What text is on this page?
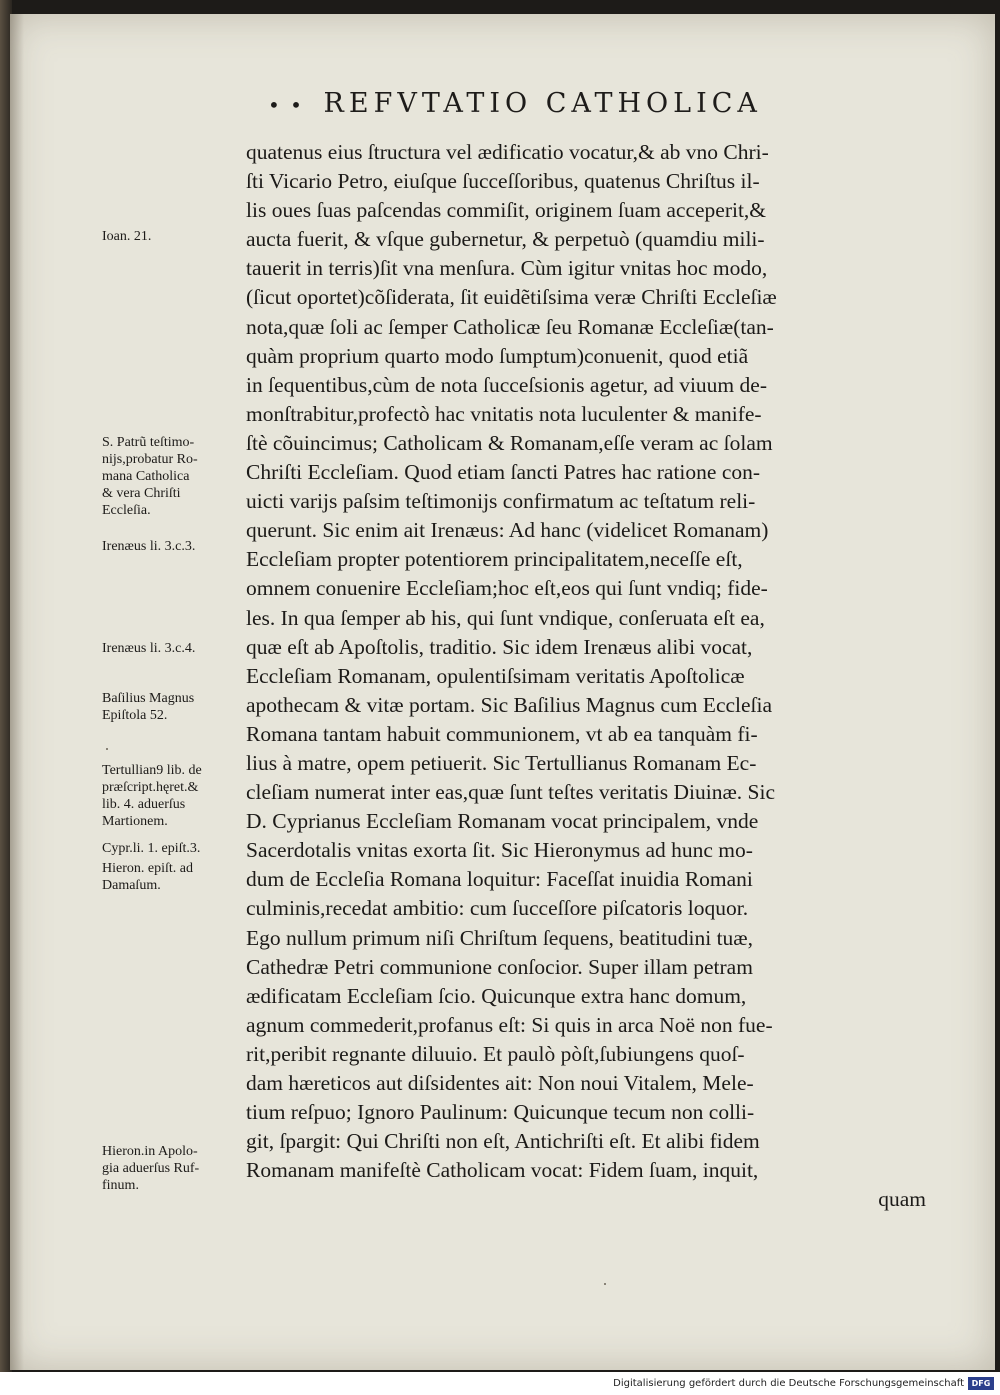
• • REFVTATIO CATHOLICA
quatenus eius ſtructura vel ædificatio vocatur,& ab vno Chri-
ſti Vicario Petro, eiuſque ſucceſſoribus, quatenus Chriſtus il-
lis oues ſuas paſcendas commiſit, originem ſuam acceperit,&
aucta fuerit, & vſque gubernetur, & perpetuò (quamdiu mili-
tauerit in terris)ſit vna menſura. Cùm igitur vnitas hoc modo,
(ſicut oportet)cõſiderata, ſit euidẽtiſsima veræ Chriſti Eccleſiæ
nota,quæ ſoli ac ſemper Catholicæ ſeu Romanæ Eccleſiæ(tan-
quàm proprium quarto modo ſumptum)conuenit, quod etiã
in ſequentibus,cùm de nota ſucceſsionis agetur, ad viuum de-
monſtrabitur,profectò hac vnitatis nota luculenter & manife-
ſtè cõuincimus; Catholicam & Romanam,eſſe veram ac ſolam
Chriſti Eccleſiam. Quod etiam ſancti Patres hac ratione con-
uicti varijs paſsim teſtimonijs confirmatum ac teſtatum reli-
querunt. Sic enim ait Irenæus: Ad hanc (videlicet Romanam)
Eccleſiam propter potentiorem principalitatem,neceſſe eſt,
omnem conuenire Eccleſiam;hoc eſt,eos qui ſunt vndiq; fide-
les. In qua ſemper ab his, qui ſunt vndique, conſeruata eſt ea,
quæ eſt ab Apoſtolis, traditio. Sic idem Irenæus alibi vocat,
Eccleſiam Romanam, opulentiſsimam veritatis Apoſtolicæ
apothecam & vitæ portam. Sic Baſilius Magnus cum Eccleſia
Romana tantam habuit communionem, vt ab ea tanquàm fi-
lius à matre, opem petiuerit. Sic Tertullianus Romanam Ec-
cleſiam numerat inter eas,quæ ſunt teſtes veritatis Diuinæ. Sic
D. Cyprianus Eccleſiam Romanam vocat principalem, vnde
Sacerdotalis vnitas exorta ſit. Sic Hieronymus ad hunc mo-
dum de Eccleſia Romana loquitur: Faceſſat inuidia Romani
culminis,recedat ambitio: cum ſucceſſore piſcatoris loquor.
Ego nullum primum niſi Chriſtum ſequens, beatitudini tuæ,
Cathedræ Petri communione conſocior. Super illam petram
ædificatam Eccleſiam ſcio. Quicunque extra hanc domum,
agnum commederit,profanus eſt: Si quis in arca Noë non fue-
rit,peribit regnante diluuio. Et paulò pòſt,ſubiungens quoſ-
dam hæreticos aut diſsidentes ait: Non noui Vitalem, Mele-
tium reſpuo; Ignoro Paulinum: Quicunque tecum non colli-
git, ſpargit: Qui Chriſti non eſt, Antichriſti eſt. Et alibi fidem
Romanam manifeſtè Catholicam vocat: Fidem ſuam, inquit,
quam
Ioan. 21.
S. Patrũ teſtimo-
nijs,probatur Ro-
mana Catholica
& vera Chriſti
Eccleſia.
Irenæus li. 3.c.3.
Irenæus li. 3.c.4.
Baſilius Magnus
Epiſtola 52.
Tertullian9 lib. de
præſcript.hęret.&
lib. 4. aduerſus
Martionem.
Cypr.li. 1. epiſt.3.
Hieron. epiſt. ad
Damaſum.
Hieron.in Apolo-
gia aduerſus Ruf-
finum.
Digitalisierung gefördert durch die Deutsche Forschungsgemeinschaft DFG
